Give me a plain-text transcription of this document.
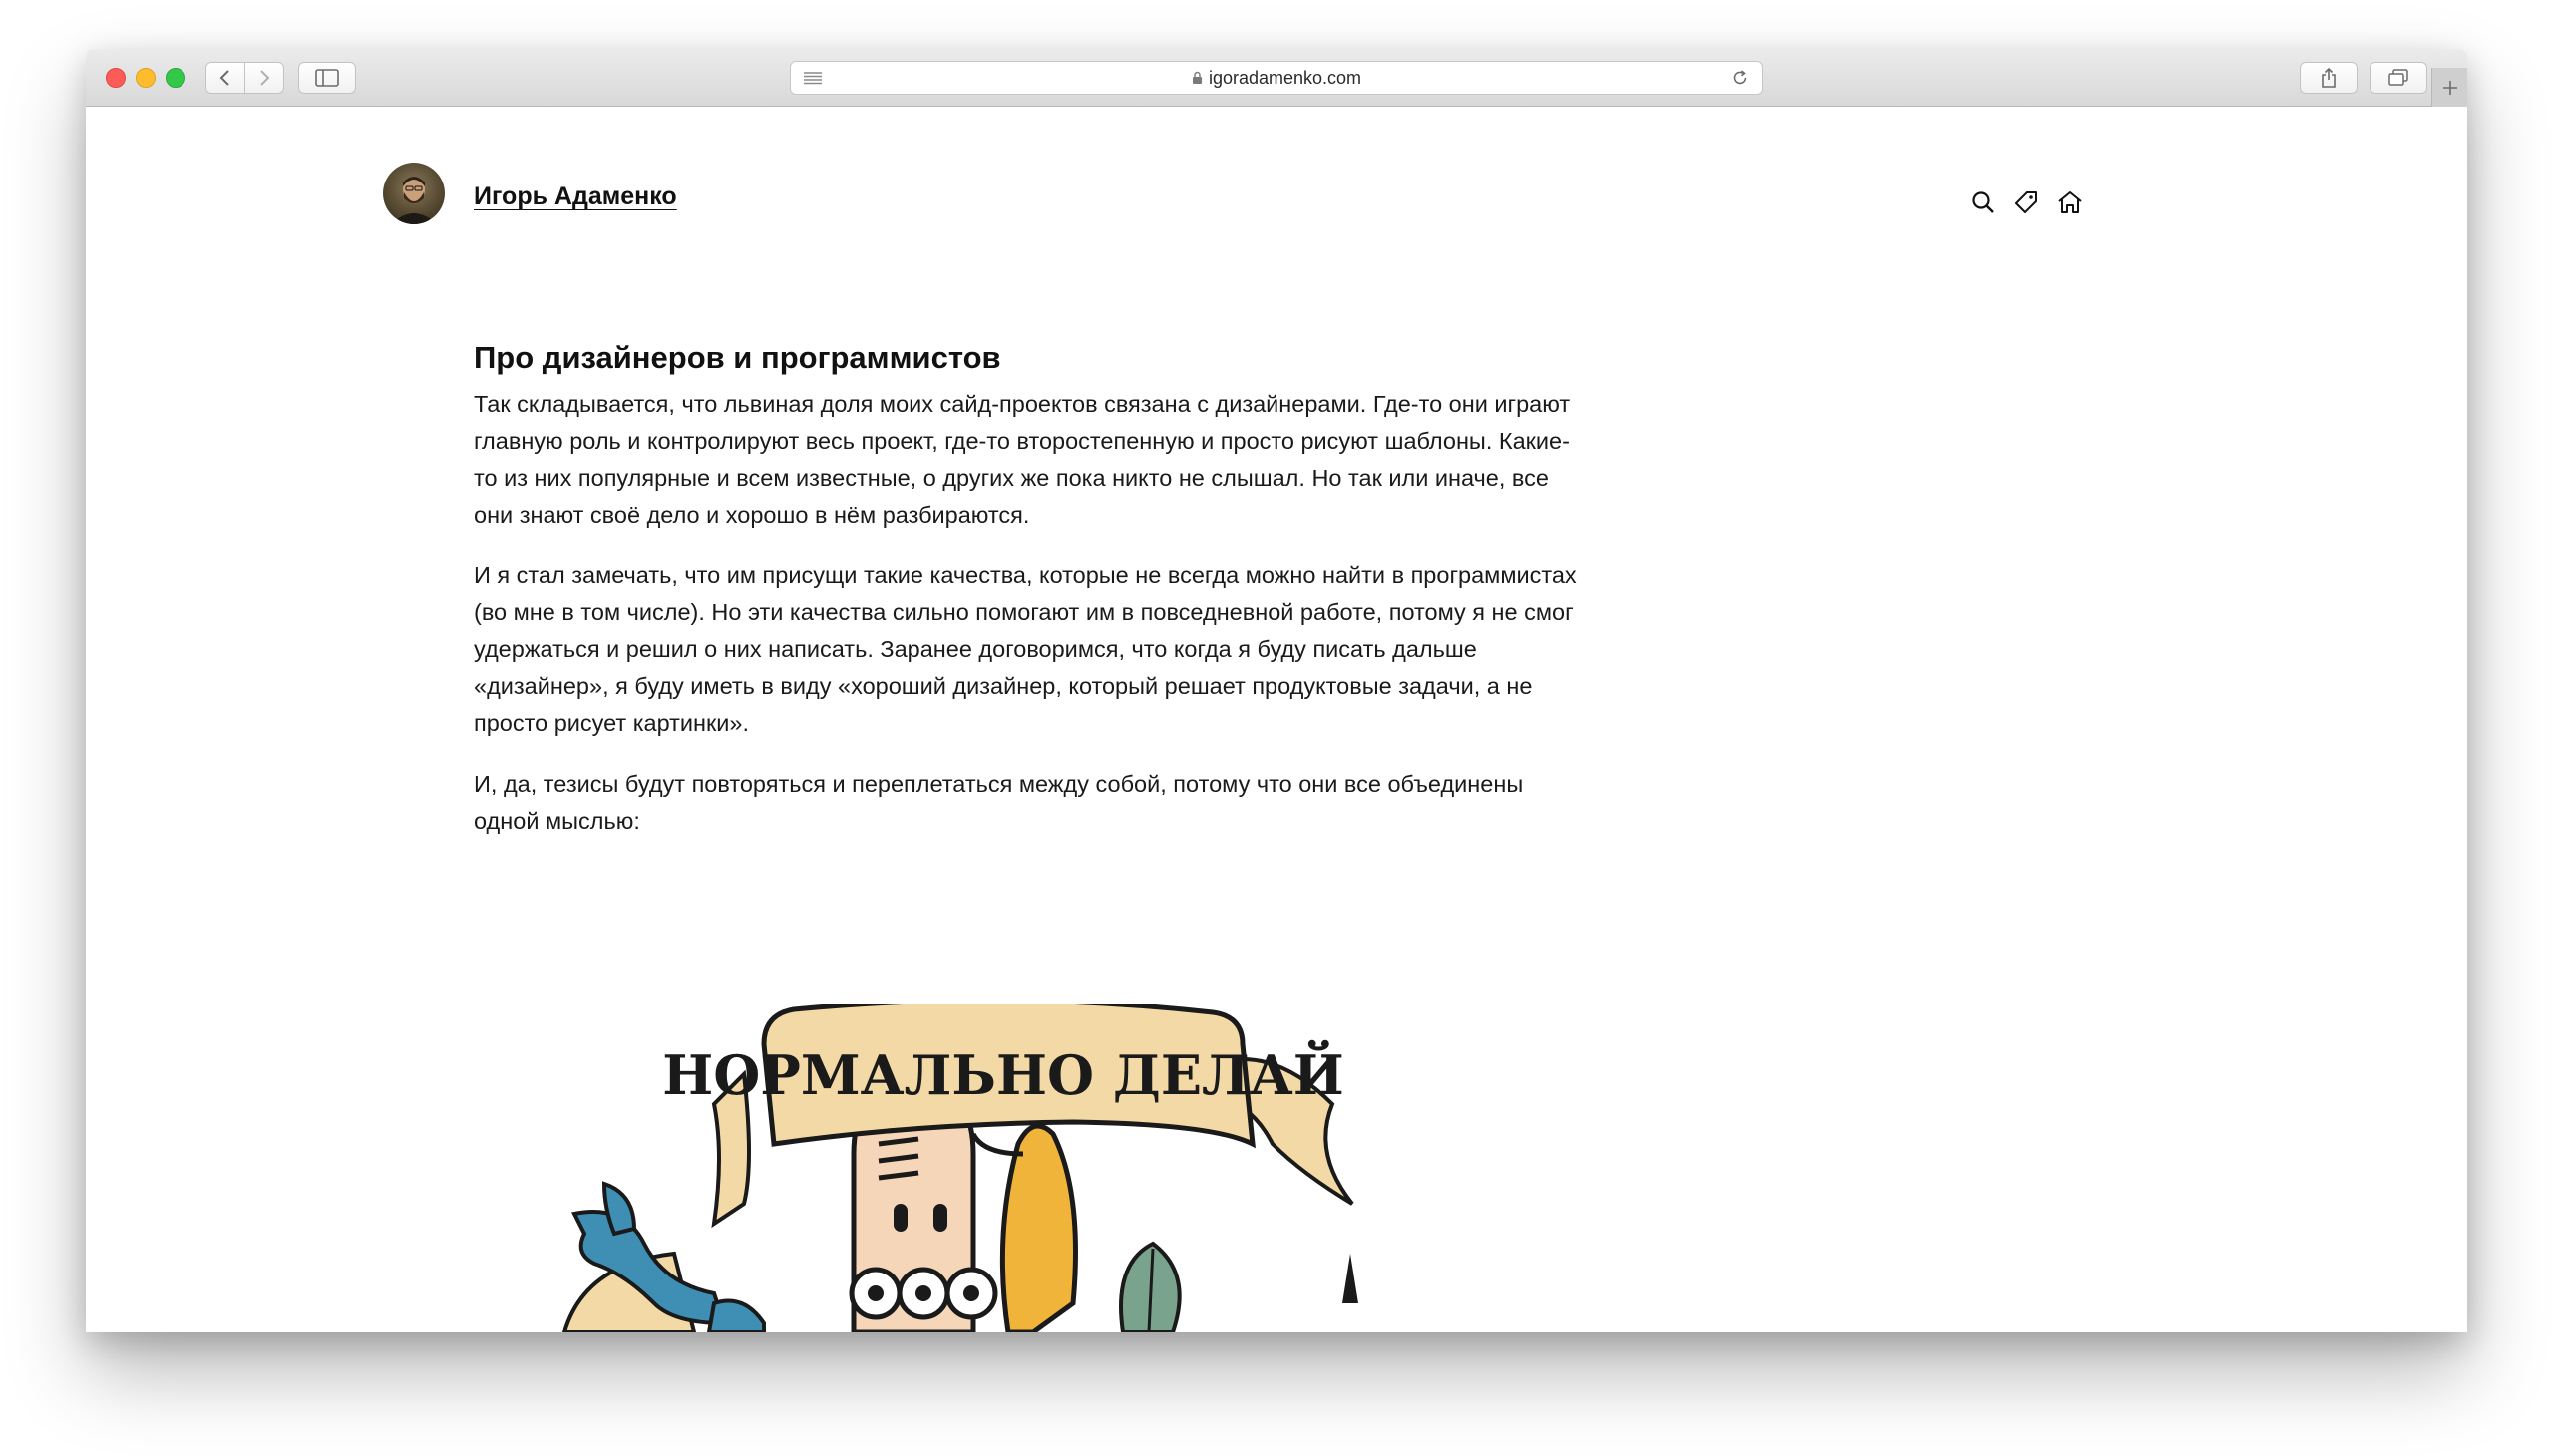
igoradamenko.com
Игорь Адаменко
Про дизайнеров и программистов

Так складывается, что львиная доля моих сайд-проектов связана с дизайнерами. Где-то они играют главную роль и контролируют весь проект, где-то второстепенную и просто рисуют шаблоны. Какие-то из них популярные и всем известные, о других же пока никто не слышал. Но так или иначе, все они знают своё дело и хорошо в нём разбираются.

И я стал замечать, что им присущи такие качества, которые не всегда можно найти в программистах (во мне в том числе). Но эти качества сильно помогают им в повседневной работе, потому я не смог удержаться и решил о них написать. Заранее договоримся, что когда я буду писать дальше «дизайнер», я буду иметь в виду «хороший дизайнер, который решает продуктовые задачи, а не просто рисует картинки».

И, да, тезисы будут повторяться и переплетаться между собой, потому что они все объединены одной мыслью:

НОРМАЛЬНО ДЕЛАЙ
